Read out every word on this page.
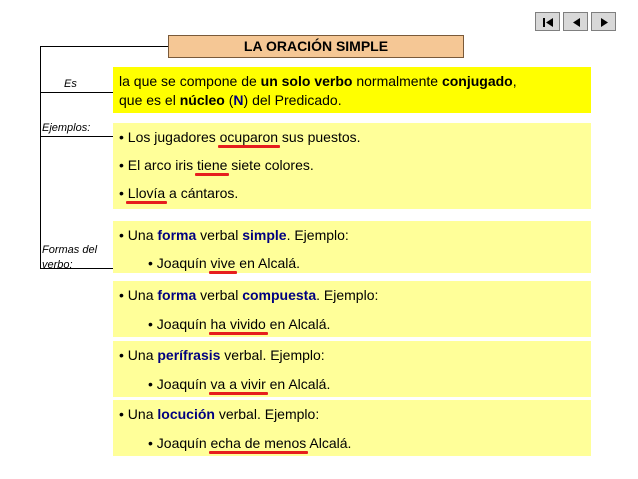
LA ORACIÓN SIMPLE
Es
Ejemplos:
Formas del
verbo:
la que se compone de un solo verbo normalmente conjugado,
que es el núcleo (N) del Predicado.
• Los jugadores ocuparon sus puestos.
• El arco iris tiene siete colores.
• Llovía a cántaros.
• Una forma verbal simple. Ejemplo:
• Joaquín vive en Alcalá.
• Una forma verbal compuesta. Ejemplo:
• Joaquín ha vivido en Alcalá.
• Una perífrasis verbal. Ejemplo:
• Joaquín va a vivir en Alcalá.
• Una locución verbal. Ejemplo:
• Joaquín echa de menos Alcalá.
